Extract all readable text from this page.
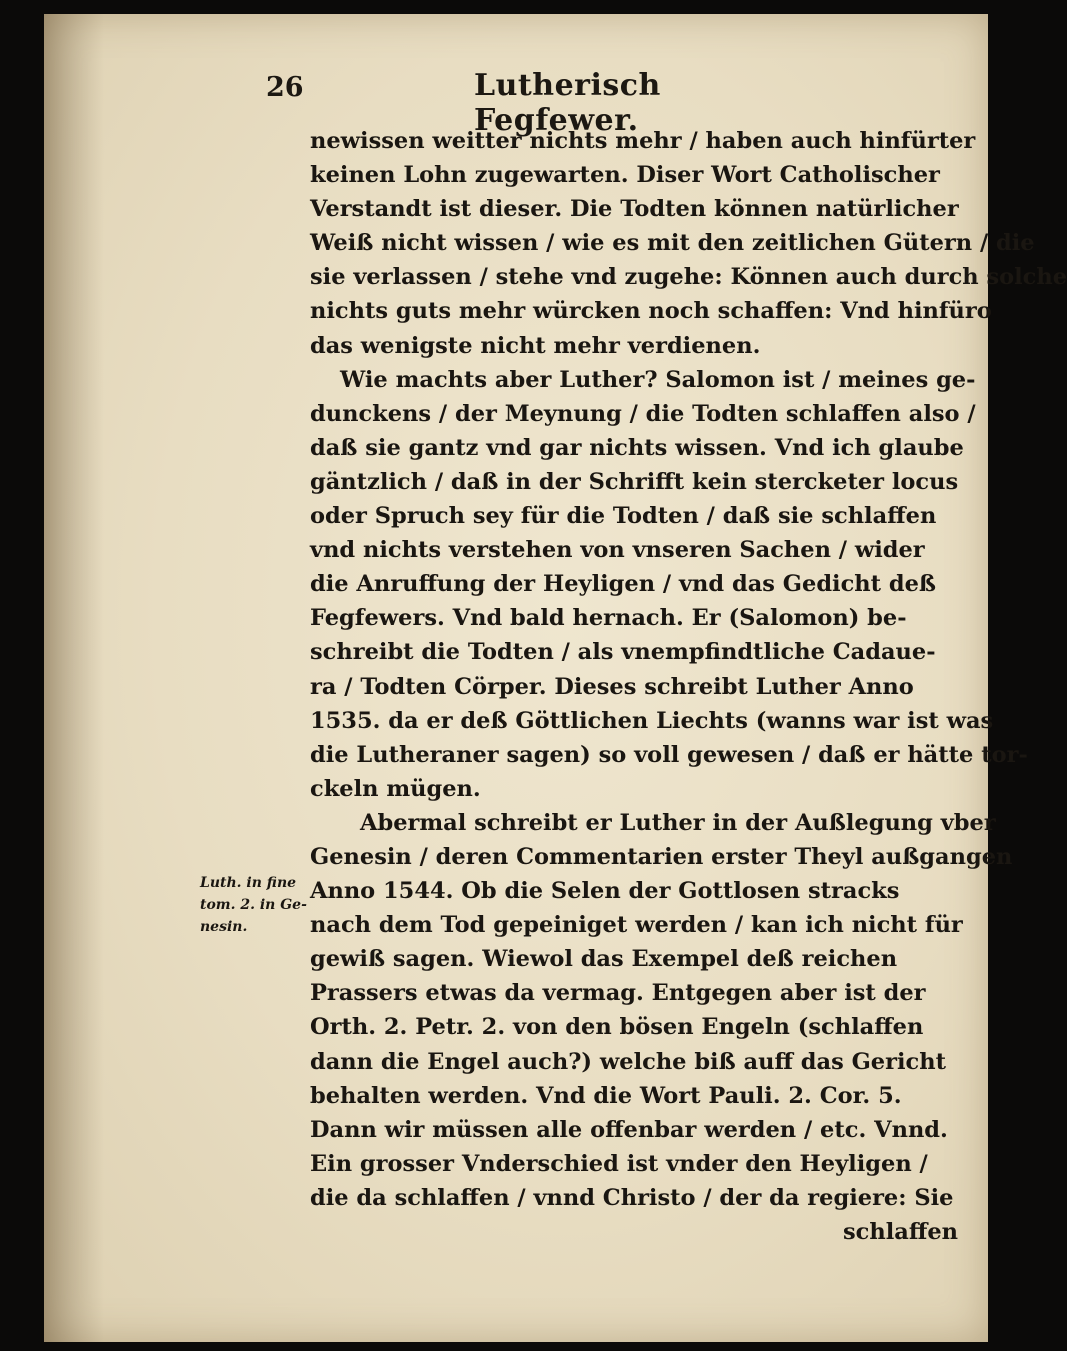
26	Lutherisch Fegfewer.
Luth. in fine
tom. 2. in Ge-
nesin.
newissen weitter nichts mehr / haben auch hinfürter
keinen Lohn zugewarten. Diser Wort Catholischer
Verstandt ist dieser. Die Todten können natürlicher
Weiß nicht wissen / wie es mit den zeitlichen Gütern / die
sie verlassen / stehe vnd zugehe: Können auch durch solche
nichts guts mehr würcken noch schaffen: Vnd hinfüro
das wenigste nicht mehr verdienen.
Wie machts aber Luther? Salomon ist / meines ge-
dunckens / der Meynung / die Todten schlaffen also /
daß sie gantz vnd gar nichts wissen. Vnd ich glaube
gäntzlich / daß in der Schrifft kein stercketer locus
oder Spruch sey für die Todten / daß sie schlaffen
vnd nichts verstehen von vnseren Sachen / wider
die Anruffung der Heyligen / vnd das Gedicht deß
Fegfewers. Vnd bald hernach. Er (Salomon) be-
schreibt die Todten / als vnempfindtliche Cadaue-
ra / Todten Cörper. Dieses schreibt Luther Anno
1535. da er deß Göttlichen Liechts (wanns war ist was
die Lutheraner sagen) so voll gewesen / daß er hätte tor-
ckeln mügen.
Abermal schreibt er Luther in der Außlegung vber
Genesin / deren Commentarien erster Theyl außgangen
Anno 1544. Ob die Selen der Gottlosen stracks
nach dem Tod gepeiniget werden / kan ich nicht für
gewiß sagen. Wiewol das Exempel deß reichen
Prassers etwas da vermag. Entgegen aber ist der
Orth. 2. Petr. 2. von den bösen Engeln (schlaffen
dann die Engel auch?) welche biß auff das Gericht
behalten werden. Vnd die Wort Pauli. 2. Cor. 5.
Dann wir müssen alle offenbar werden / etc. Vnnd.
Ein grosser Vnderschied ist vnder den Heyligen /
die da schlaffen / vnnd Christo / der da regiere: Sie
schlaffen
